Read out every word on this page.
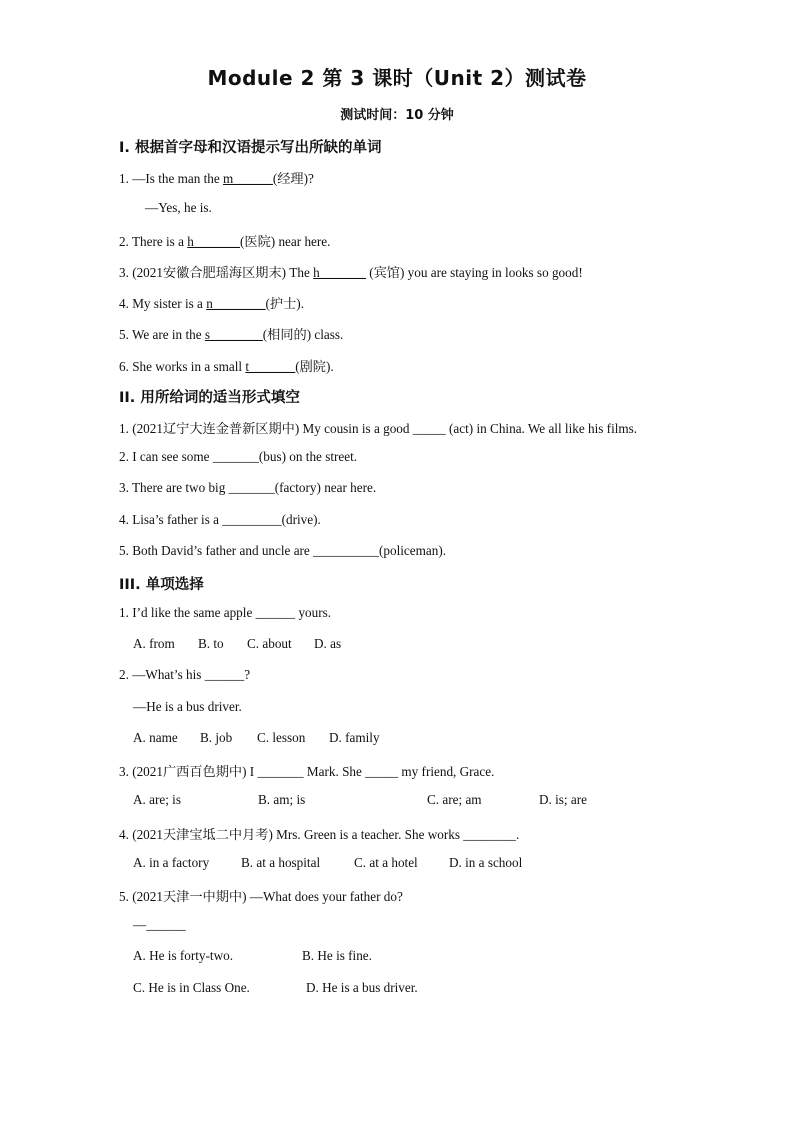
Module 2 第 3 课时（Unit 2）测试卷
测试时间：10 分钟
Ⅰ. 根据首字母和汉语提示写出所缺的单词
1. —Is the man the m______(经理)?
—Yes, he is.
2. There is a h_______(医院) near here.
3. (2021安徽合肥瑶海区期末) The h_______ (宾馆) you are staying in looks so good!
4. My sister is a n________(护士).
5. We are in the s________(相同的) class.
6. She works in a small t_______(剧院).
II. 用所给词的适当形式填空
1. (2021辽宁大连金普新区期中) My cousin is a good _____ (act) in China. We all like his films.
2. I can see some _______(bus) on the street.
3. There are two big _______(factory) near here.
4. Lisa’s father is a _________(drive).
5. Both David’s father and uncle are __________(policeman).
III. 单项选择
1. I’d like the same apple ______ yours.
A. from B. to C. about D. as
2. —What’s his ______?
—He is a bus driver.
A. name B. job C. lesson D. family
3. (2021广西百色期中) I _______ Mark. She _____ my friend, Grace.
A. are; is	B. am; is	C. are; am	D. is; are
4. (2021天津宝坻二中月考) Mrs. Green is a teacher. She works ________.
A. in a factory B. at a hospital	C. at a hotel D. in a school
5. (2021天津一中期中) —What does your father do?
—______
A. He is forty-two.	B. He is fine.
C. He is in Class One.	D. He is a bus driver.
